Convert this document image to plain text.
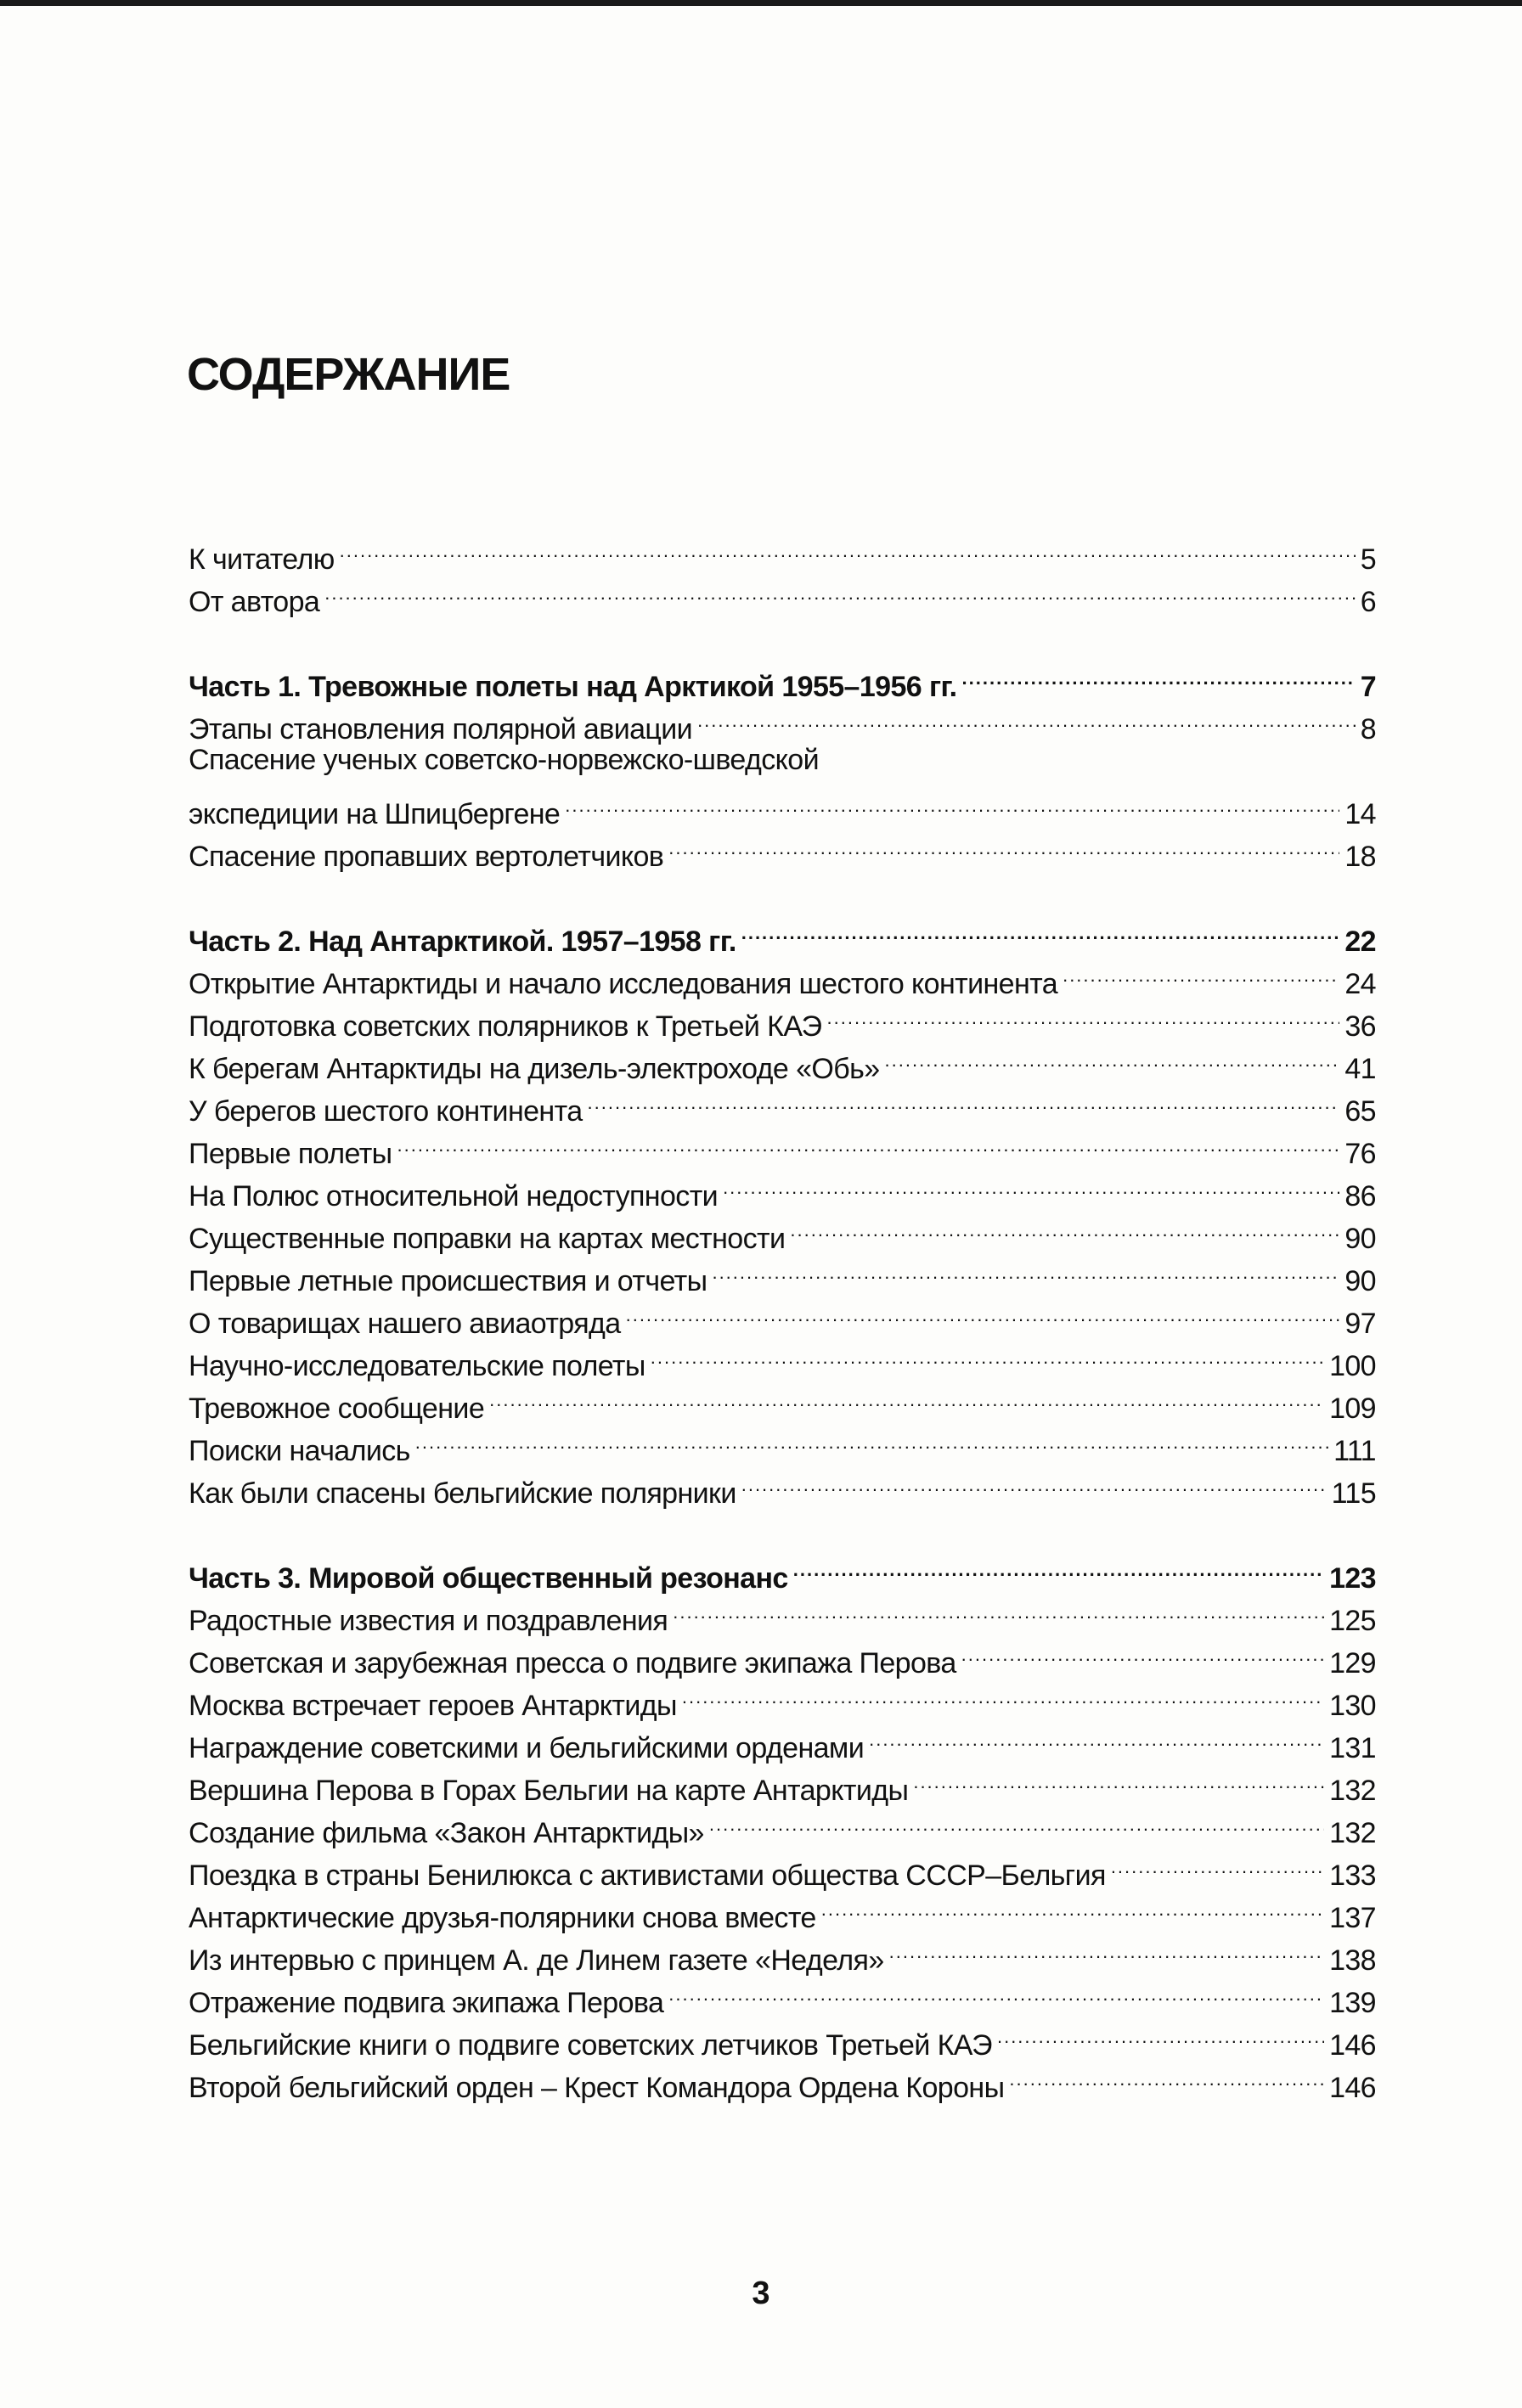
СОДЕРЖАНИЕ
К читателю .....	5
От автора .....	6
Часть 1. Тревожные полеты над Арктикой 1955–1956 гг. .....	7
Этапы становления полярной авиации .....	8
Спасение ученых советско-норвежско-шведской
экспедиции на Шпицбергене .....	14
Спасение пропавших вертолетчиков .....	18
Часть 2. Над Антарктикой. 1957–1958 гг. .....	22
Открытие Антарктиды и начало исследования шестого континента .....	24
Подготовка советских полярников к Третьей КАЭ .....	36
К берегам Антарктиды на дизель-электроходе «Обь» .....	41
У берегов шестого континента .....	65
Первые полеты .....	76
На Полюс относительной недоступности .....	86
Существенные поправки на картах местности .....	90
Первые летные происшествия и отчеты .....	90
О товарищах нашего авиаотряда .....	97
Научно-исследовательские полеты .....	100
Тревожное сообщение .....	109
Поиски начались .....	111
Как были спасены бельгийские полярники .....	115
Часть 3. Мировой общественный резонанс .....	123
Радостные известия и поздравления .....	125
Советская и зарубежная пресса о подвиге экипажа Перова .....	129
Москва встречает героев Антарктиды .....	130
Награждение советскими и бельгийскими орденами .....	131
Вершина Перова в Горах Бельгии на карте Антарктиды .....	132
Создание фильма «Закон Антарктиды» .....	132
Поездка в страны Бенилюкса с активистами общества СССР–Бельгия .....	133
Антарктические друзья-полярники снова вместе .....	137
Из интервью с принцем А. де Линем газете «Неделя» .....	138
Отражение подвига экипажа Перова .....	139
Бельгийские книги о подвиге советских летчиков Третьей КАЭ .....	146
Второй бельгийский орден – Крест Командора Ордена Короны .....	146
3
